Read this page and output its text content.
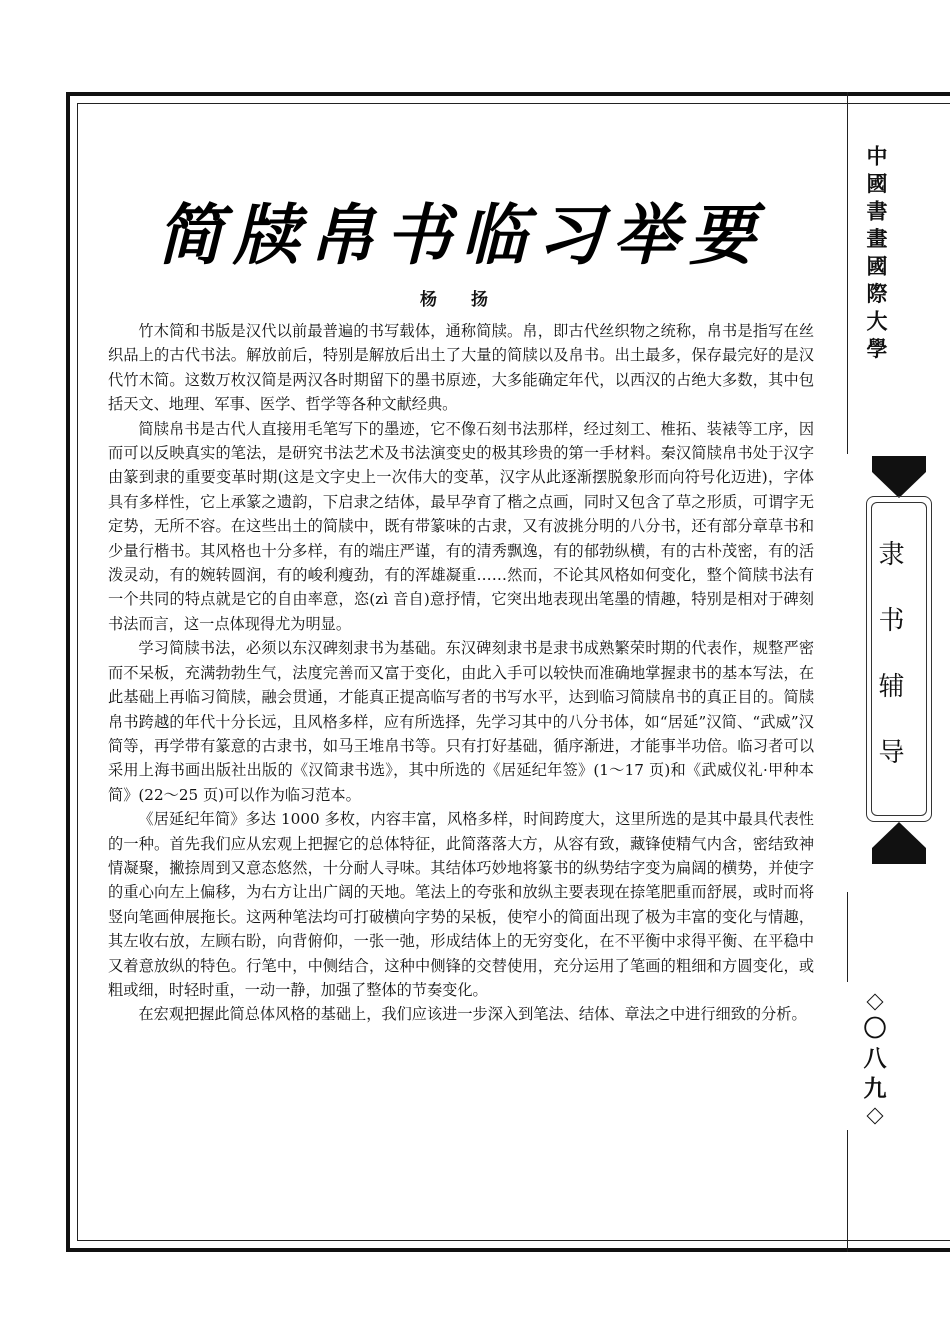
简牍帛书临习举要
杨 扬

竹木简和书版是汉代以前最普遍的书写载体，通称简牍。帛，即古代丝织物之统称，帛书是指写在丝织品上的古代书法。解放前后，特别是解放后出土了大量的简牍以及帛书。出土最多，保存最完好的是汉代竹木简。这数万枚汉简是两汉各时期留下的墨书原迹，大多能确定年代，以西汉的占绝大多数，其中包括天文、地理、军事、医学、哲学等各种文献经典。

简牍帛书是古代人直接用毛笔写下的墨迹，它不像石刻书法那样，经过刻工、椎拓、装裱等工序，因而可以反映真实的笔法，是研究书法艺术及书法演变史的极其珍贵的第一手材料。秦汉简牍帛书处于汉字由篆到隶的重要变革时期(这是文字史上一次伟大的变革，汉字从此逐渐摆脱象形而向符号化迈进)，字体具有多样性，它上承篆之遗韵，下启隶之结体，最早孕育了楷之点画，同时又包含了草之形质，可谓字无定势，无所不容。在这些出土的简牍中，既有带篆味的古隶，又有波挑分明的八分书，还有部分章草书和少量行楷书。其风格也十分多样，有的端庄严谨，有的清秀飘逸，有的郁勃纵横，有的古朴茂密，有的活泼灵动，有的婉转圆润，有的峻利瘦劲，有的浑雄凝重……然而，不论其风格如何变化，整个简牍书法有一个共同的特点就是它的自由率意，恣(zì 音自)意抒情，它突出地表现出笔墨的情趣，特别是相对于碑刻书法而言，这一点体现得尤为明显。

学习简牍书法，必须以东汉碑刻隶书为基础。东汉碑刻隶书是隶书成熟繁荣时期的代表作，规整严密而不呆板，充满勃勃生气，法度完善而又富于变化，由此入手可以较快而准确地掌握隶书的基本写法，在此基础上再临习简牍，融会贯通，才能真正提高临写者的书写水平，达到临习简牍帛书的真正目的。简牍帛书跨越的年代十分长远，且风格多样，应有所选择，先学习其中的八分书体，如“居延”汉简、“武威”汉简等，再学带有篆意的古隶书，如马王堆帛书等。只有打好基础，循序渐进，才能事半功倍。临习者可以采用上海书画出版社出版的《汉简隶书选》，其中所选的《居延纪年签》(1～17 页)和《武威仪礼·甲种本简》(22～25 页)可以作为临习范本。

《居延纪年简》多达 1000 多枚，内容丰富，风格多样，时间跨度大，这里所选的是其中最具代表性的一种。首先我们应从宏观上把握它的总体特征，此简落落大方，从容有致，藏锋使精气内含，密结致神情凝聚，撇捺周到又意态悠然，十分耐人寻味。其结体巧妙地将篆书的纵势结字变为扁阔的横势，并使字的重心向左上偏移，为右方让出广阔的天地。笔法上的夸张和放纵主要表现在捺笔肥重而舒展，或时而将竖向笔画伸展拖长。这两种笔法均可打破横向字势的呆板，使窄小的简面出现了极为丰富的变化与情趣，其左收右放，左顾右盼，向背俯仰，一张一弛，形成结体上的无穷变化，在不平衡中求得平衡、在平稳中又着意放纵的特色。行笔中，中侧结合，这种中侧锋的交替使用，充分运用了笔画的粗细和方圆变化，或粗或细，时轻时重，一动一静，加强了整体的节奏变化。

在宏观把握此简总体风格的基础上，我们应该进一步深入到笔法、结体、章法之中进行细致的分析。

中國書畫國際大學
隶书辅导
〇
八
九
